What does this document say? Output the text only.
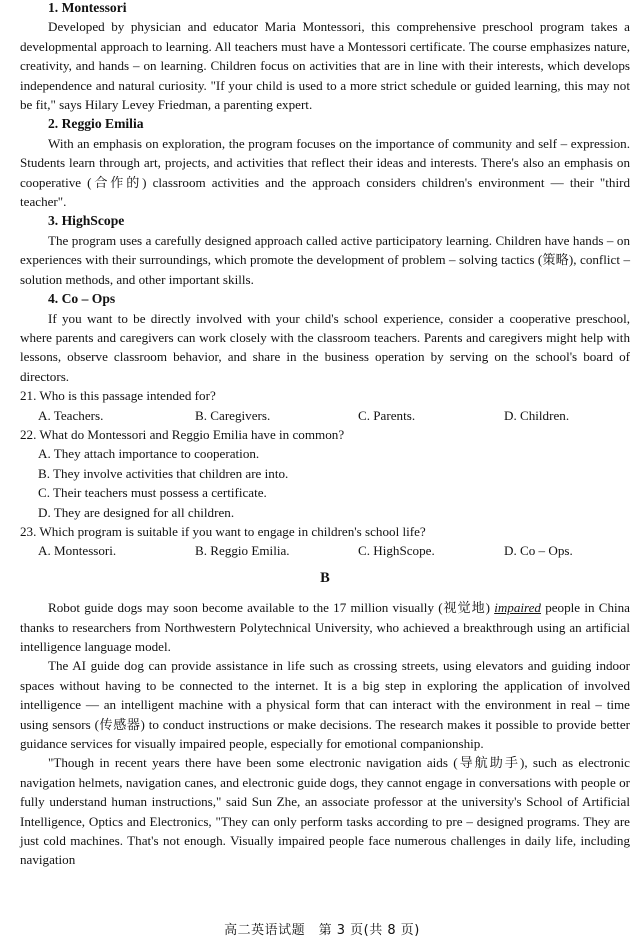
1. Montessori
Developed by physician and educator Maria Montessori, this comprehensive preschool program takes a developmental approach to learning. All teachers must have a Montessori certificate. The course emphasizes nature, creativity, and hands – on learning. Children focus on activities that are in line with their interests, which develops independence and natural curiosity. "If your child is used to a more strict schedule or guided learning, this may not be fit," says Hilary Levey Friedman, a parenting expert.
2. Reggio Emilia
With an emphasis on exploration, the program focuses on the importance of community and self – expression. Students learn through art, projects, and activities that reflect their ideas and interests. There's also an emphasis on cooperative (合作的) classroom activities and the approach considers children's environment — their "third teacher".
3. HighScope
The program uses a carefully designed approach called active participatory learning. Children have hands – on experiences with their surroundings, which promote the development of problem – solving tactics (策略), conflict – solution methods, and other important skills.
4. Co – Ops
If you want to be directly involved with your child's school experience, consider a cooperative preschool, where parents and caregivers can work closely with the classroom teachers. Parents and caregivers might help with lessons, observe classroom behavior, and share in the business operation by serving on the school's board of directors.
21. Who is this passage intended for?
A. Teachers.	B. Caregivers.	C. Parents.	D. Children.
22. What do Montessori and Reggio Emilia have in common?
A. They attach importance to cooperation.
B. They involve activities that children are into.
C. Their teachers must possess a certificate.
D. They are designed for all children.
23. Which program is suitable if you want to engage in children's school life?
A. Montessori.	B. Reggio Emilia.	C. HighScope.	D. Co – Ops.
B
Robot guide dogs may soon become available to the 17 million visually (视觉地) impaired people in China thanks to researchers from Northwestern Polytechnical University, who achieved a breakthrough using an artificial intelligence language model.
The AI guide dog can provide assistance in life such as crossing streets, using elevators and guiding indoor spaces without having to be connected to the internet. It is a big step in exploring the application of involved intelligence — an intelligent machine with a physical form that can interact with the environment in real – time using sensors (传感器) to conduct instructions or make decisions. The research makes it possible to provide better guidance services for visually impaired people, especially for emotional companionship.
"Though in recent years there have been some electronic navigation aids (导航助手), such as electronic navigation helmets, navigation canes, and electronic guide dogs, they cannot engage in conversations with people or fully understand human instructions," said Sun Zhe, an associate professor at the university's School of Artificial Intelligence, Optics and Electronics, "They can only perform tasks according to pre – designed programs. They are just cold machines. That's not enough. Visually impaired people face numerous challenges in daily life, including navigation
高二英语试题　第 3 页(共 8 页)
